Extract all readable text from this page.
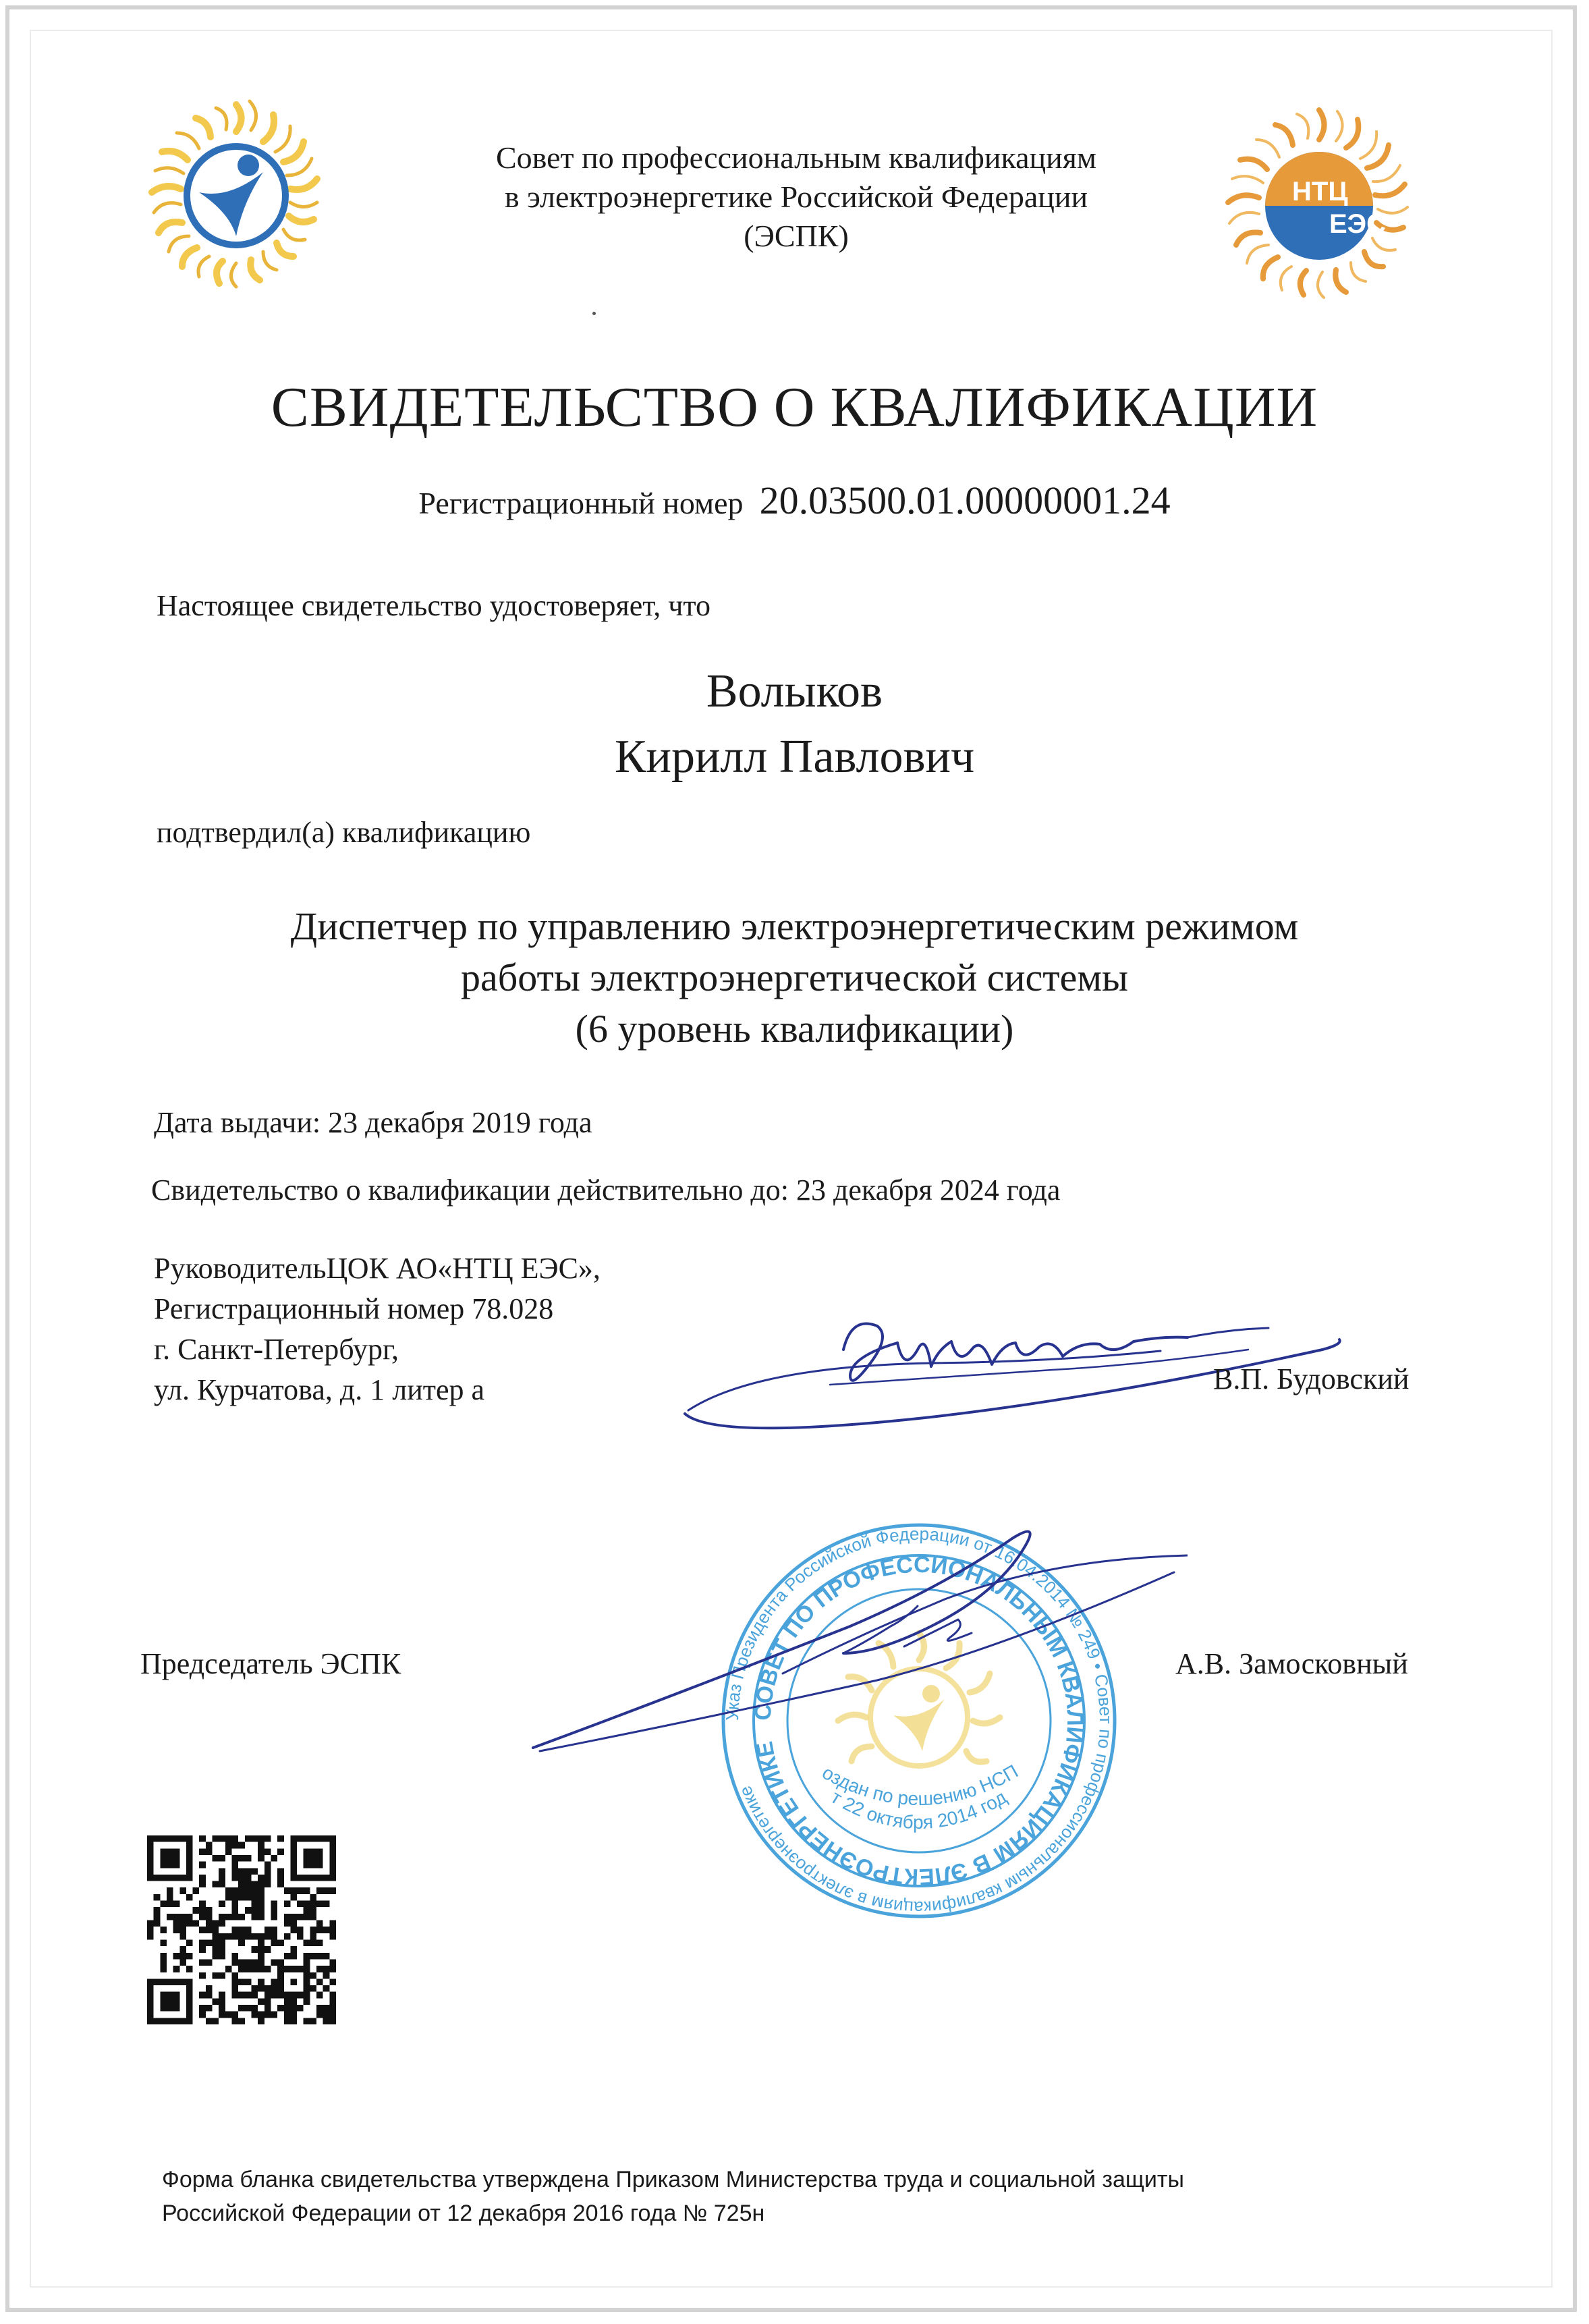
НТЦ
ЕЭС
Совет по профессиональным квалификациям
в электроэнергетике Российской Федерации
(ЭСПК)
СВИДЕТЕЛЬСТВО О КВАЛИФИКАЦИИ
Регистрационный номер 20.03500.01.00000001.24
Настоящее свидетельство удостоверяет, что
Волыков
Кирилл Павлович
подтвердил(а) квалификацию
Диспетчер по управлению электроэнергетическим режимом
работы электроэнергетической системы
(6 уровень квалификации)
Дата выдачи: 23 декабря 2019 года
Свидетельство о квалификации действительно до: 23 декабря 2024 года
РуководительЦОК АО«НТЦ ЕЭС»,
Регистрационный номер 78.028
г. Санкт-Петербург,
ул. Курчатова, д. 1 литер а	В.П. Будовский
Указ Президента Российской Федерации от 16.04.2014 № 249 • Совет по профессиональным квалификациям в электроэнергетике
СОВЕТ ПО ПРОФЕССИОНАЛЬНЫМ КВАЛИФИКАЦИЯМ В ЭЛЕКТРОЭНЕРГЕТИКЕ
оздан по решению НСП
т 22 октября 2014 год
Председатель ЭСПК	А.В. Замосковный
Форма бланка свидетельства утверждена Приказом Министерства труда и социальной защиты
Российской Федерации от 12 декабря 2016 года № 725н
